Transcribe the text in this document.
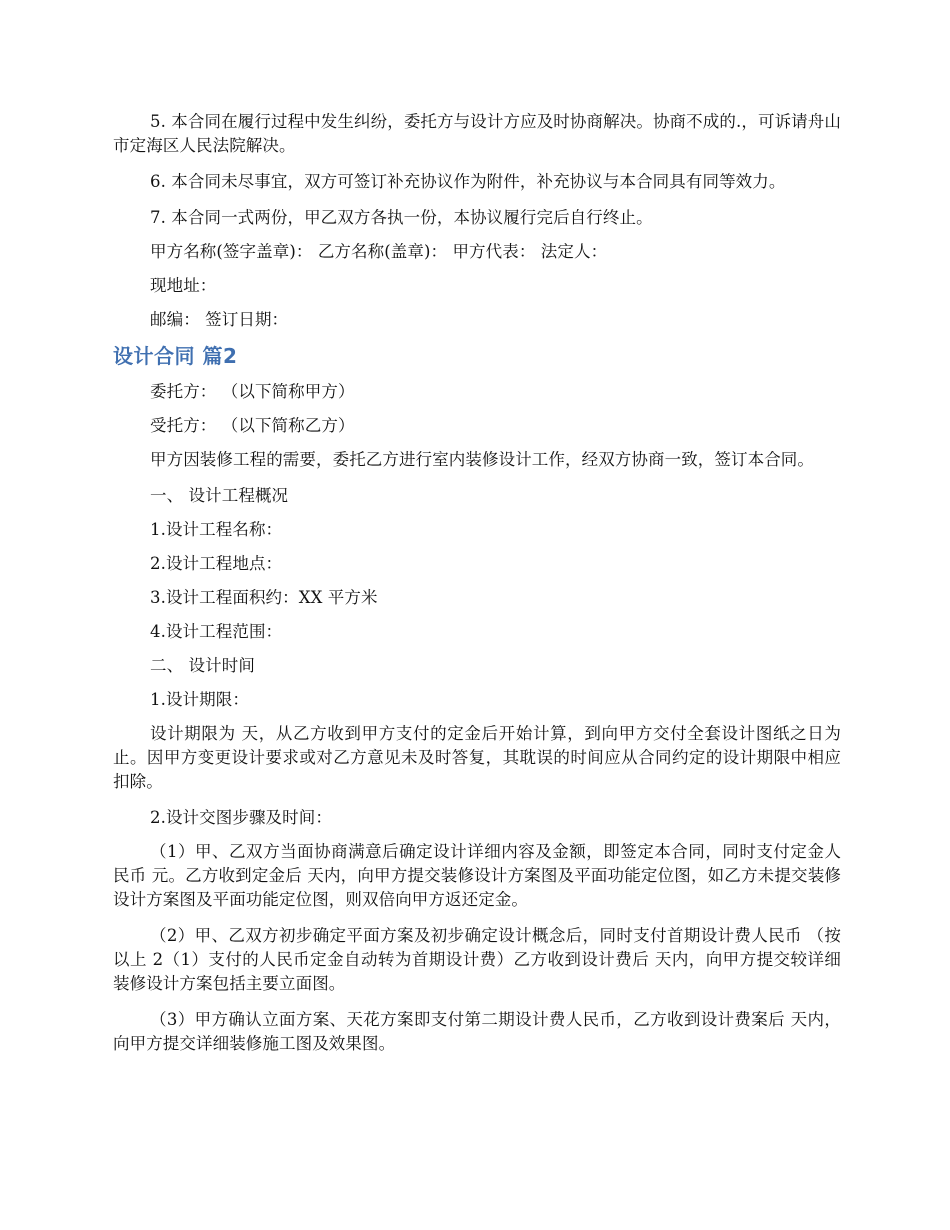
5. 本合同在履行过程中发生纠纷，委托方与设计方应及时协商解决。协商不成的.，可诉请舟山市定海区人民法院解决。

6. 本合同未尽事宜，双方可签订补充协议作为附件，补充协议与本合同具有同等效力。

7. 本合同一式两份，甲乙双方各执一份，本协议履行完后自行终止。

甲方名称(签字盖章)： 乙方名称(盖章)： 甲方代表： 法定人：

现地址：

邮编： 签订日期：

设计合同 篇2

委托方： （以下简称甲方）

受托方： （以下简称乙方）

甲方因装修工程的需要，委托乙方进行室内装修设计工作，经双方协商一致，签订本合同。

一、 设计工程概况

1.设计工程名称：

2.设计工程地点：

3.设计工程面积约：XX 平方米

4.设计工程范围：

二、 设计时间

1.设计期限：

设计期限为 天，从乙方收到甲方支付的定金后开始计算，到向甲方交付全套设计图纸之日为止。因甲方变更设计要求或对乙方意见未及时答复，其耽误的时间应从合同约定的设计期限中相应扣除。

2.设计交图步骤及时间：

（1）甲、乙双方当面协商满意后确定设计详细内容及金额，即签定本合同，同时支付定金人民币 元。乙方收到定金后 天内，向甲方提交装修设计方案图及平面功能定位图，如乙方未提交装修设计方案图及平面功能定位图，则双倍向甲方返还定金。

（2）甲、乙双方初步确定平面方案及初步确定设计概念后，同时支付首期设计费人民币 （按以上 2（1）支付的人民币定金自动转为首期设计费）乙方收到设计费后 天内，向甲方提交较详细装修设计方案包括主要立面图。

（3）甲方确认立面方案、天花方案即支付第二期设计费人民币，乙方收到设计费案后 天内，向甲方提交详细装修施工图及效果图。
